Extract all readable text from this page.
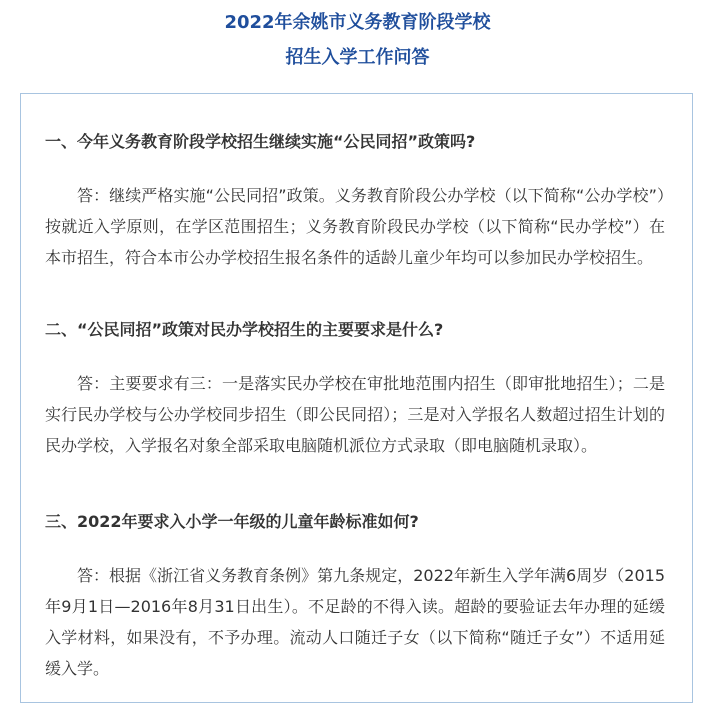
2022年余姚市义务教育阶段学校
招生入学工作问答

一、今年义务教育阶段学校招生继续实施“公民同招”政策吗?

答：继续严格实施“公民同招”政策。义务教育阶段公办学校（以下简称“公办学校”）按就近入学原则，在学区范围招生；义务教育阶段民办学校（以下简称“民办学校”）在本市招生，符合本市公办学校招生报名条件的适龄儿童少年均可以参加民办学校招生。

二、“公民同招”政策对民办学校招生的主要要求是什么?

答：主要要求有三：一是落实民办学校在审批地范围内招生（即审批地招生）；二是实行民办学校与公办学校同步招生（即公民同招）；三是对入学报名人数超过招生计划的民办学校，入学报名对象全部采取电脑随机派位方式录取（即电脑随机录取）。

三、2022年要求入小学一年级的儿童年龄标准如何?

答：根据《浙江省义务教育条例》第九条规定，2022年新生入学年满6周岁（2015年9月1日—2016年8月31日出生）。不足龄的不得入读。超龄的要验证去年办理的延缓入学材料，如果没有，不予办理。流动人口随迁子女（以下简称“随迁子女”）不适用延缓入学。
